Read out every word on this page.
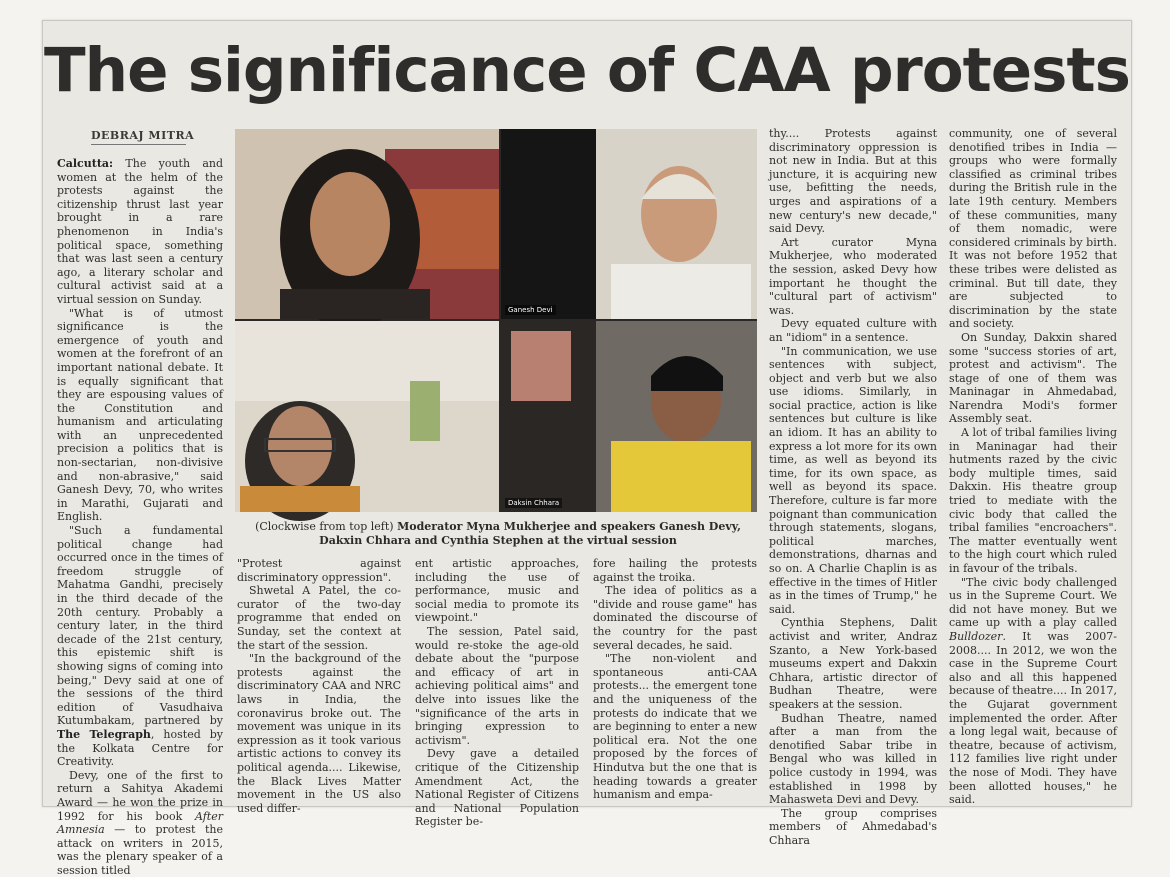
The significance of CAA protests
DEBRAJ MITRA

Calcutta: The youth and women at the helm of the protests against the citizenship thrust last year brought in a rare phenomenon in India's political space, something that was last seen a century ago, a literary scholar and cultural activist said at a virtual session on Sunday.

"What is of utmost significance is the emergence of youth and women at the forefront of an important national debate. It is equally significant that they are espousing values of the Constitution and humanism and articulating with an unprecedented precision a politics that is non-sectarian, non-divisive and non-abrasive," said Ganesh Devy, 70, who writes in Marathi, Gujarati and English.

"Such a fundamental political change had occurred once in the times of freedom struggle of Mahatma Gandhi, precisely in the third decade of the 20th century. Probably a century later, in the third decade of the 21st century, this epistemic shift is showing signs of coming into being," Devy said at one of the sessions of the third edition of Vasudhaiva Kutumbakam, partnered by The Telegraph, hosted by the Kolkata Centre for Creativity.

Devy, one of the first to return a Sahitya Akademi Award — he won the prize in 1992 for his book After Amnesia — to protest the attack on writers in 2015, was the plenary speaker of a session titled

Ganesh Devi
Daksin Chhara
(Clockwise from top left) Moderator Myna Mukherjee and speakers Ganesh Devy, Dakxin Chhara and Cynthia Stephen at the virtual session

"Protest against discriminatory oppression".

Shwetal A Patel, the co-curator of the two-day programme that ended on Sunday, set the context at the start of the session.

"In the background of the protests against the discriminatory CAA and NRC laws in India, the coronavirus broke out. The movement was unique in its expression as it took various artistic actions to convey its political agenda.... Likewise, the Black Lives Matter movement in the US also used differ-

ent artistic approaches, including the use of performance, music and social media to promote its viewpoint."

The session, Patel said, would re-stoke the age-old debate about the "purpose and efficacy of art in achieving political aims" and delve into issues like the "significance of the arts in bringing expression to activism".

Devy gave a detailed critique of the Citizenship Amendment Act, the National Register of Citizens and National Population Register be-

fore hailing the protests against the troika.

The idea of politics as a "divide and rouse game" has dominated the discourse of the country for the past several decades, he said.

"The non-violent and spontaneous anti-CAA protests... the emergent tone and the uniqueness of the protests do indicate that we are beginning to enter a new political era. Not the one proposed by the forces of Hindutva but the one that is heading towards a greater humanism and empa-

thy.... Protests against discriminatory oppression is not new in India. But at this juncture, it is acquiring new use, befitting the needs, urges and aspirations of a new century's new decade," said Devy.

Art curator Myna Mukherjee, who moderated the session, asked Devy how important he thought the "cultural part of activism" was.

Devy equated culture with an "idiom" in a sentence.

"In communication, we use sentences with subject, object and verb but we also use idioms. Similarly, in social practice, action is like sentences but culture is like an idiom. It has an ability to express a lot more for its own time, as well as beyond its time, for its own space, as well as beyond its space. Therefore, culture is far more poignant than communication through statements, slogans, political marches, demonstrations, dharnas and so on. A Charlie Chaplin is as effective in the times of Hitler as in the times of Trump," he said.

Cynthia Stephens, Dalit activist and writer, Andraz Szanto, a New York-based museums expert and Dakxin Chhara, artistic director of Budhan Theatre, were speakers at the session.

Budhan Theatre, named after a man from the denotified Sabar tribe in Bengal who was killed in police custody in 1994, was established in 1998 by Mahasweta Devi and Devy.

The group comprises members of Ahmedabad's Chhara

community, one of several denotified tribes in India — groups who were formally classified as criminal tribes during the British rule in the late 19th century. Members of these communities, many of them nomadic, were considered criminals by birth. It was not before 1952 that these tribes were delisted as criminal. But till date, they are subjected to discrimination by the state and society.

On Sunday, Dakxin shared some "success stories of art, protest and activism". The stage of one of them was Maninagar in Ahmedabad, Narendra Modi's former Assembly seat.

A lot of tribal families living in Maninagar had their hutments razed by the civic body multiple times, said Dakxin. His theatre group tried to mediate with the civic body that called the tribal families "encroachers". The matter eventually went to the high court which ruled in favour of the tribals.

"The civic body challenged us in the Supreme Court. We did not have money. But we came up with a play called Bulldozer. It was 2007-2008.... In 2012, we won the case in the Supreme Court also and all this happened because of theatre.... In 2017, the Gujarat government implemented the order. After a long legal wait, because of theatre, because of activism, 112 families live right under the nose of Modi. They have been allotted houses," he said.
